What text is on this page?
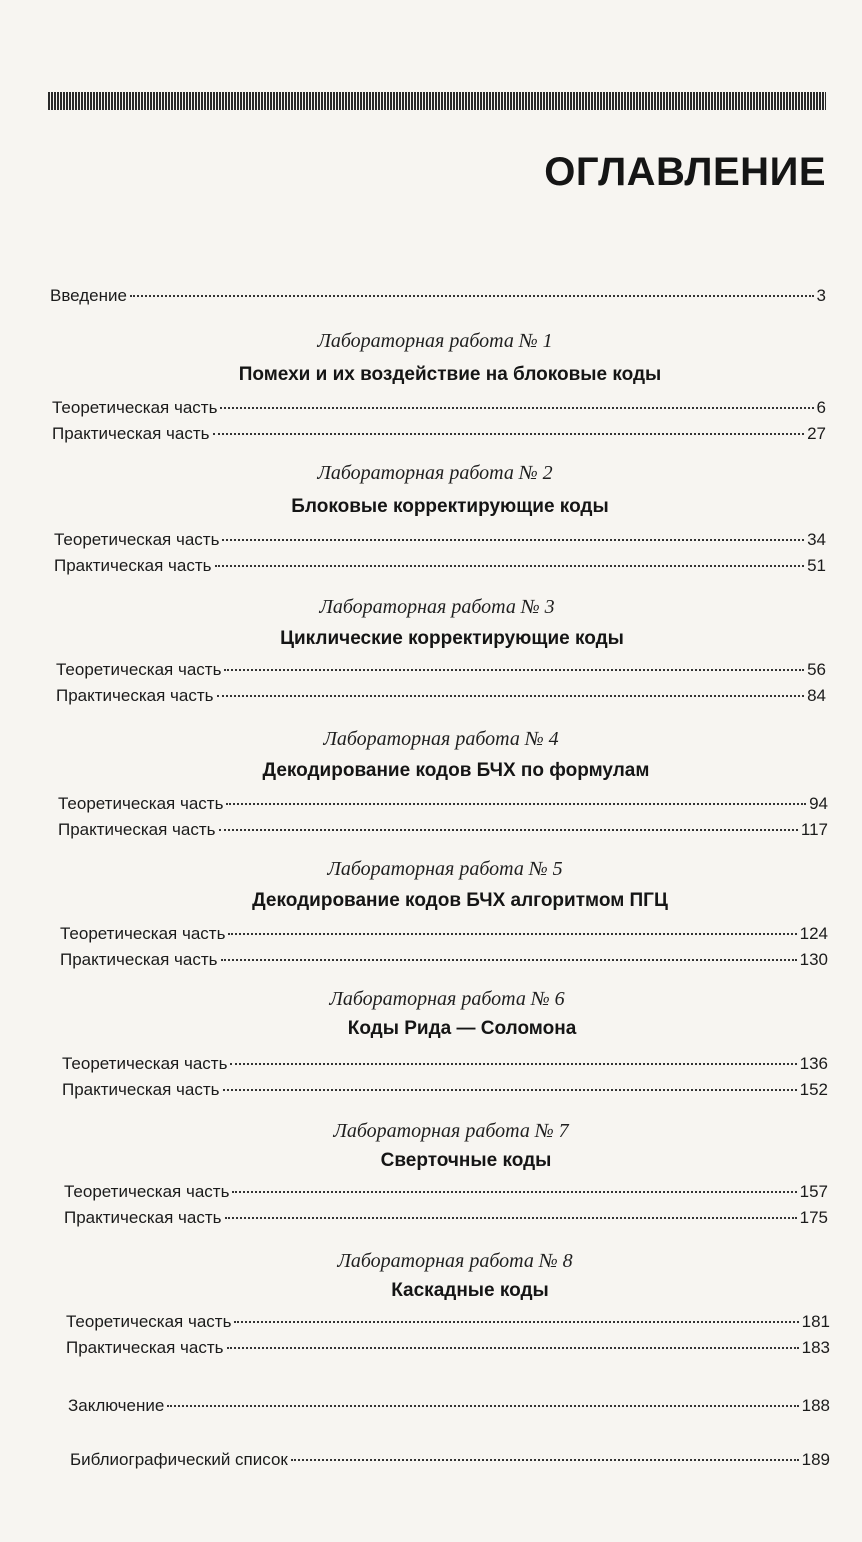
ОГЛАВЛЕНИЕ
Введение	3
Лабораторная работа № 1
Помехи и их воздействие на блоковые коды
Теоретическая часть	6
Практическая часть	27
Лабораторная работа № 2
Блоковые корректирующие коды
Теоретическая часть	34
Практическая часть	51
Лабораторная работа № 3
Циклические корректирующие коды
Теоретическая часть	56
Практическая часть	84
Лабораторная работа № 4
Декодирование кодов БЧХ по формулам
Теоретическая часть	94
Практическая часть	117
Лабораторная работа № 5
Декодирование кодов БЧХ алгоритмом ПГЦ
Теоретическая часть	124
Практическая часть	130
Лабораторная работа № 6
Коды Рида — Соломона
Теоретическая часть	136
Практическая часть	152
Лабораторная работа № 7
Сверточные коды
Теоретическая часть	157
Практическая часть	175
Лабораторная работа № 8
Каскадные коды
Теоретическая часть	181
Практическая часть	183
Заключение	188
Библиографический список	189
